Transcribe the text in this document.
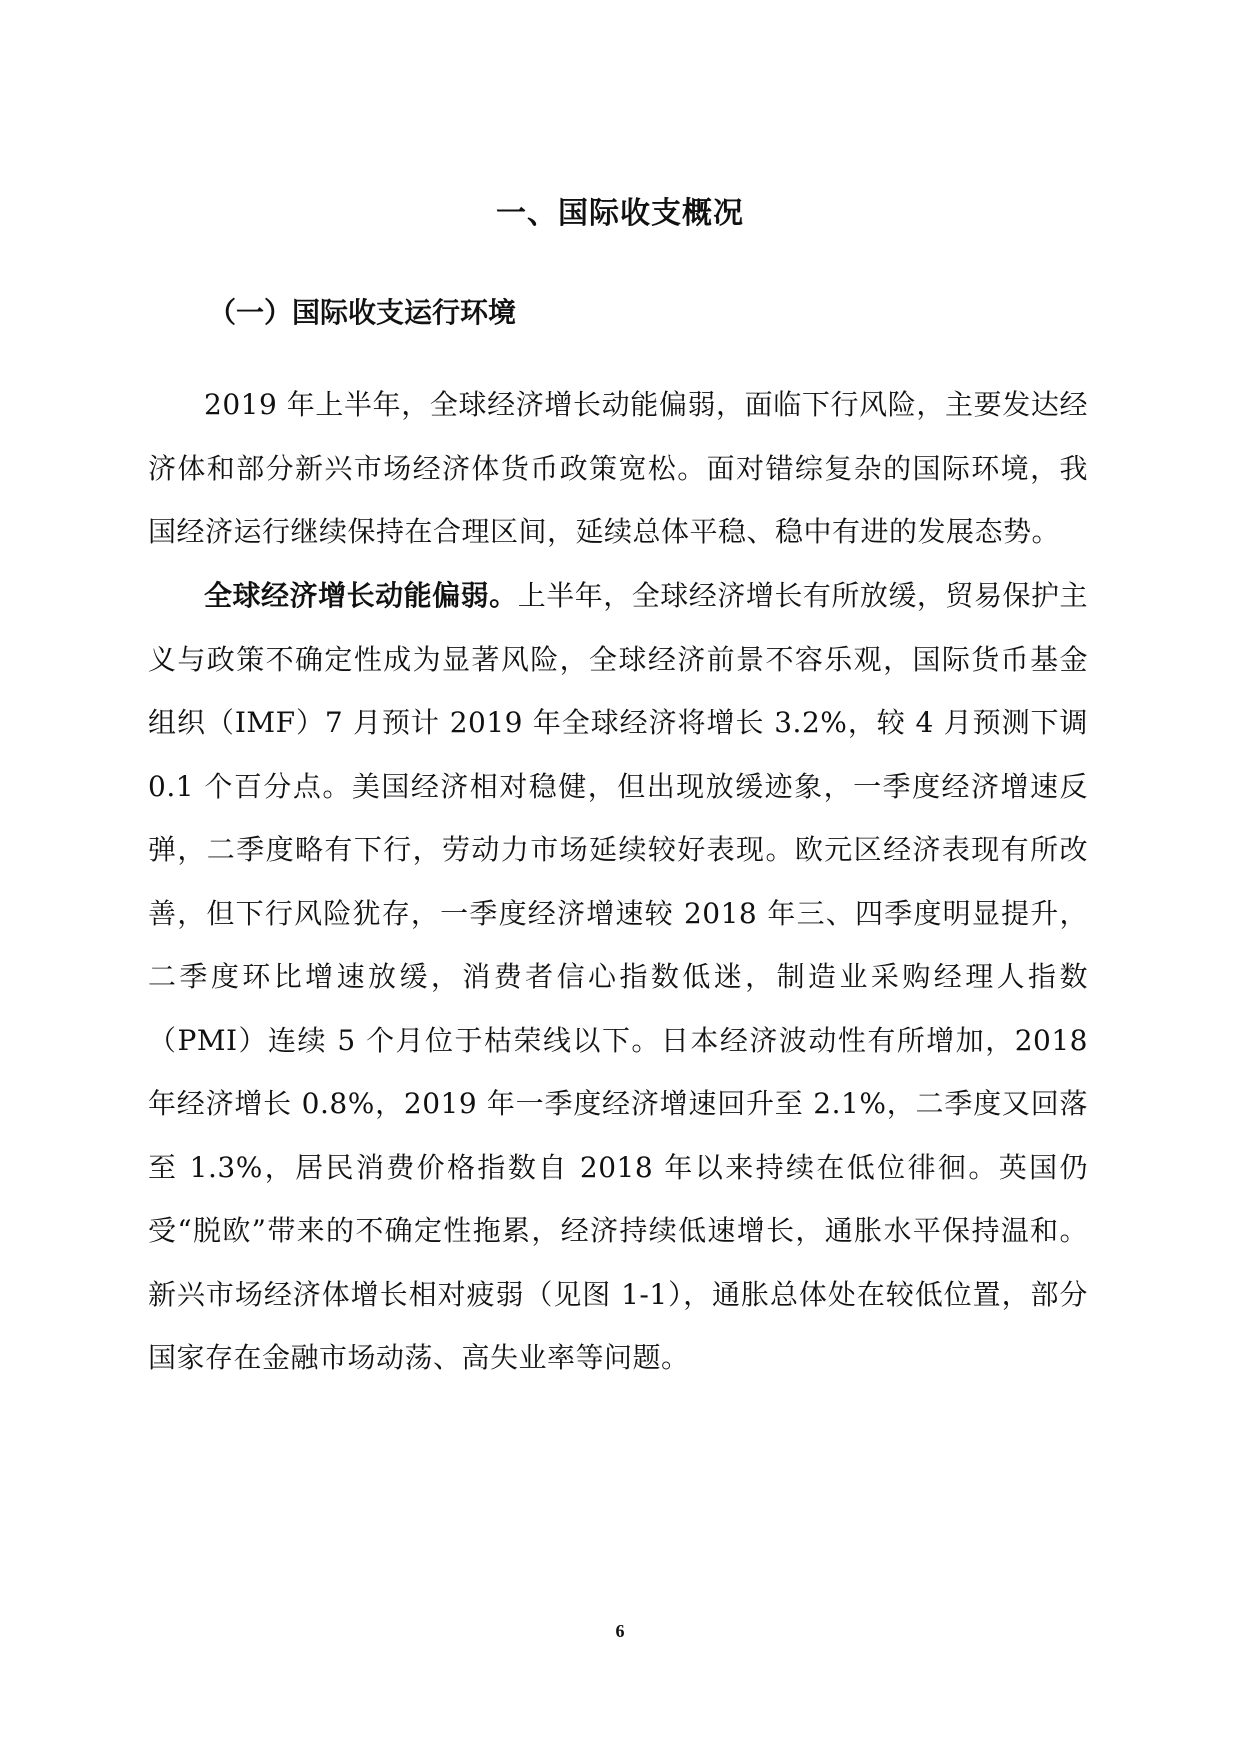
一、国际收支概况
（一）国际收支运行环境

2019 年上半年，全球经济增长动能偏弱，面临下行风险，主要发达经济体和部分新兴市场经济体货币政策宽松。面对错综复杂的国际环境，我国经济运行继续保持在合理区间，延续总体平稳、稳中有进的发展态势。

全球经济增长动能偏弱。上半年，全球经济增长有所放缓，贸易保护主义与政策不确定性成为显著风险，全球经济前景不容乐观，国际货币基金组织（IMF）7 月预计 2019 年全球经济将增长 3.2%，较 4 月预测下调 0.1 个百分点。美国经济相对稳健，但出现放缓迹象，一季度经济增速反弹，二季度略有下行，劳动力市场延续较好表现。欧元区经济表现有所改善，但下行风险犹存，一季度经济增速较 2018 年三、四季度明显提升，二季度环比增速放缓，消费者信心指数低迷，制造业采购经理人指数（PMI）连续 5 个月位于枯荣线以下。日本经济波动性有所增加，2018 年经济增长 0.8%，2019 年一季度经济增速回升至 2.1%，二季度又回落至 1.3%，居民消费价格指数自 2018 年以来持续在低位徘徊。英国仍受“脱欧”带来的不确定性拖累，经济持续低速增长，通胀水平保持温和。新兴市场经济体增长相对疲弱（见图 1-1），通胀总体处在较低位置，部分国家存在金融市场动荡、高失业率等问题。

6
